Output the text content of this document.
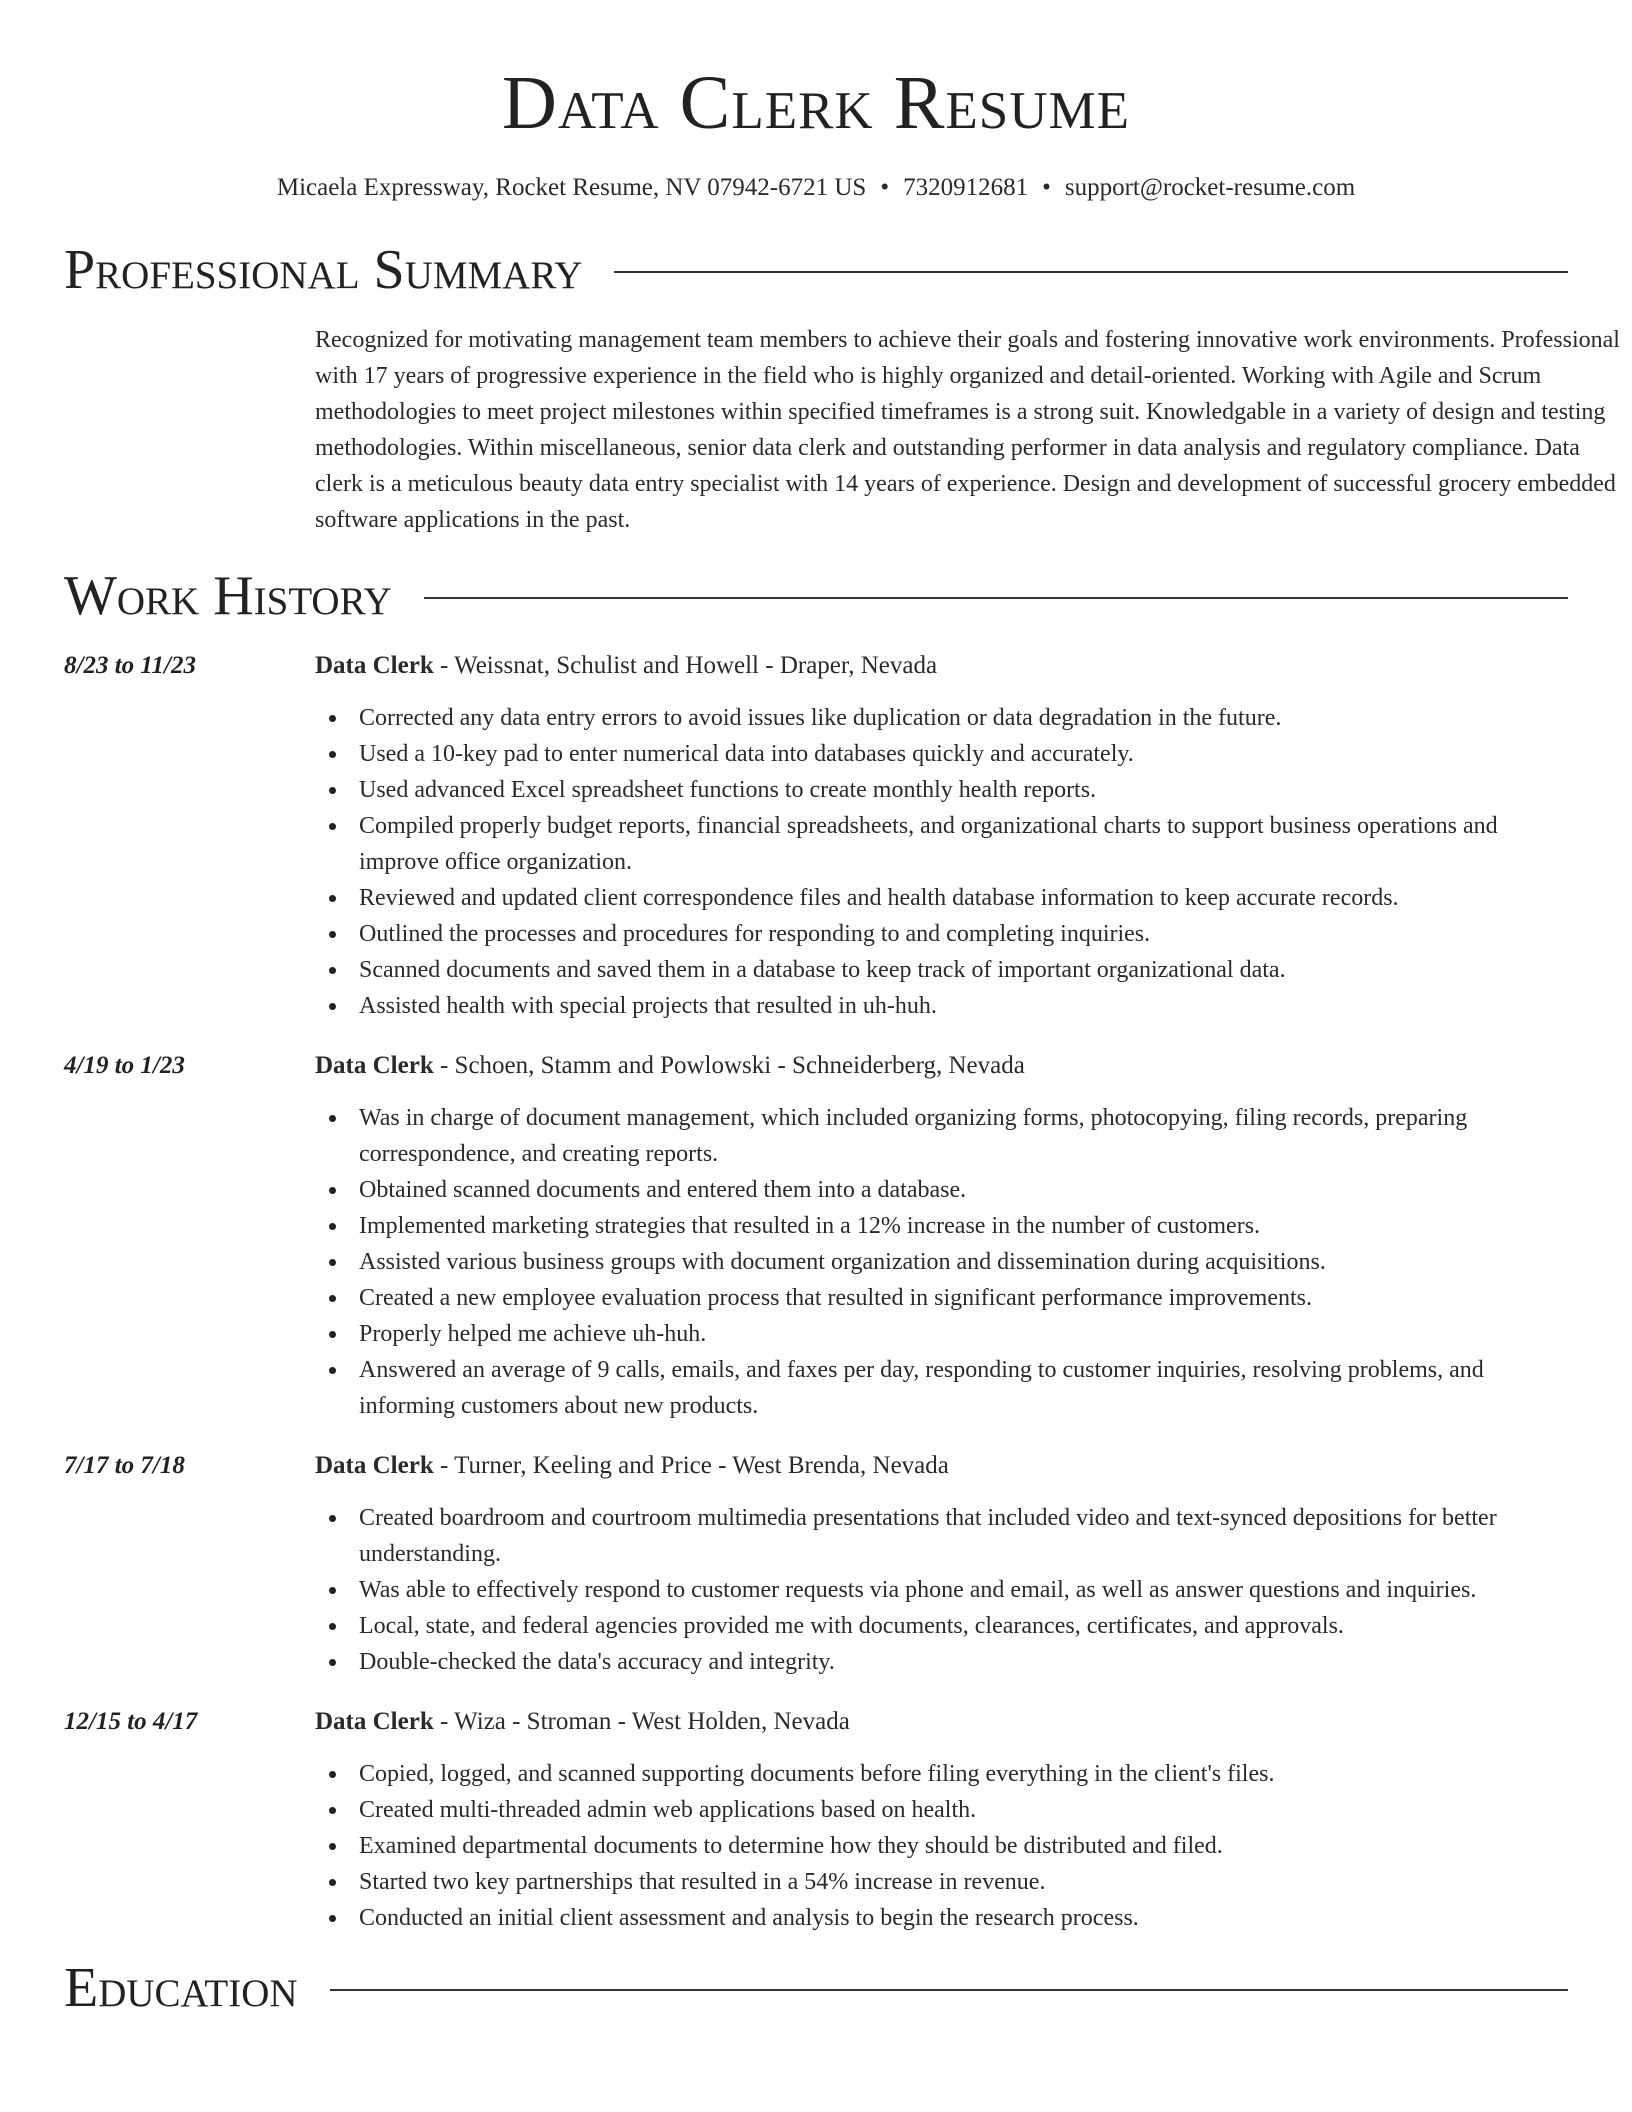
Data Clerk Resume
Micaela Expressway, Rocket Resume, NV 07942-6721 US • 7320912681 • support@rocket-resume.com
Professional Summary

Recognized for motivating management team members to achieve their goals and fostering innovative work environments. Professional with 17 years of progressive experience in the field who is highly organized and detail-oriented. Working with Agile and Scrum methodologies to meet project milestones within specified timeframes is a strong suit. Knowledgable in a variety of design and testing methodologies. Within miscellaneous, senior data clerk and outstanding performer in data analysis and regulatory compliance. Data clerk is a meticulous beauty data entry specialist with 14 years of experience. Design and development of successful grocery embedded software applications in the past.

Work History
8/23 to 11/23	Data Clerk - Weissnat, Schulist and Howell - Draper, Nevada
Corrected any data entry errors to avoid issues like duplication or data degradation in the future.
Used a 10-key pad to enter numerical data into databases quickly and accurately.
Used advanced Excel spreadsheet functions to create monthly health reports.
Compiled properly budget reports, financial spreadsheets, and organizational charts to support business operations and improve office organization.
Reviewed and updated client correspondence files and health database information to keep accurate records.
Outlined the processes and procedures for responding to and completing inquiries.
Scanned documents and saved them in a database to keep track of important organizational data.
Assisted health with special projects that resulted in uh-huh.
4/19 to 1/23	Data Clerk - Schoen, Stamm and Powlowski - Schneiderberg, Nevada
Was in charge of document management, which included organizing forms, photocopying, filing records, preparing correspondence, and creating reports.
Obtained scanned documents and entered them into a database.
Implemented marketing strategies that resulted in a 12% increase in the number of customers.
Assisted various business groups with document organization and dissemination during acquisitions.
Created a new employee evaluation process that resulted in significant performance improvements.
Properly helped me achieve uh-huh.
Answered an average of 9 calls, emails, and faxes per day, responding to customer inquiries, resolving problems, and informing customers about new products.
7/17 to 7/18	Data Clerk - Turner, Keeling and Price - West Brenda, Nevada
Created boardroom and courtroom multimedia presentations that included video and text-synced depositions for better understanding.
Was able to effectively respond to customer requests via phone and email, as well as answer questions and inquiries.
Local, state, and federal agencies provided me with documents, clearances, certificates, and approvals.
Double-checked the data's accuracy and integrity.
12/15 to 4/17	Data Clerk - Wiza - Stroman - West Holden, Nevada
Copied, logged, and scanned supporting documents before filing everything in the client's files.
Created multi-threaded admin web applications based on health.
Examined departmental documents to determine how they should be distributed and filed.
Started two key partnerships that resulted in a 54% increase in revenue.
Conducted an initial client assessment and analysis to begin the research process.
Education
